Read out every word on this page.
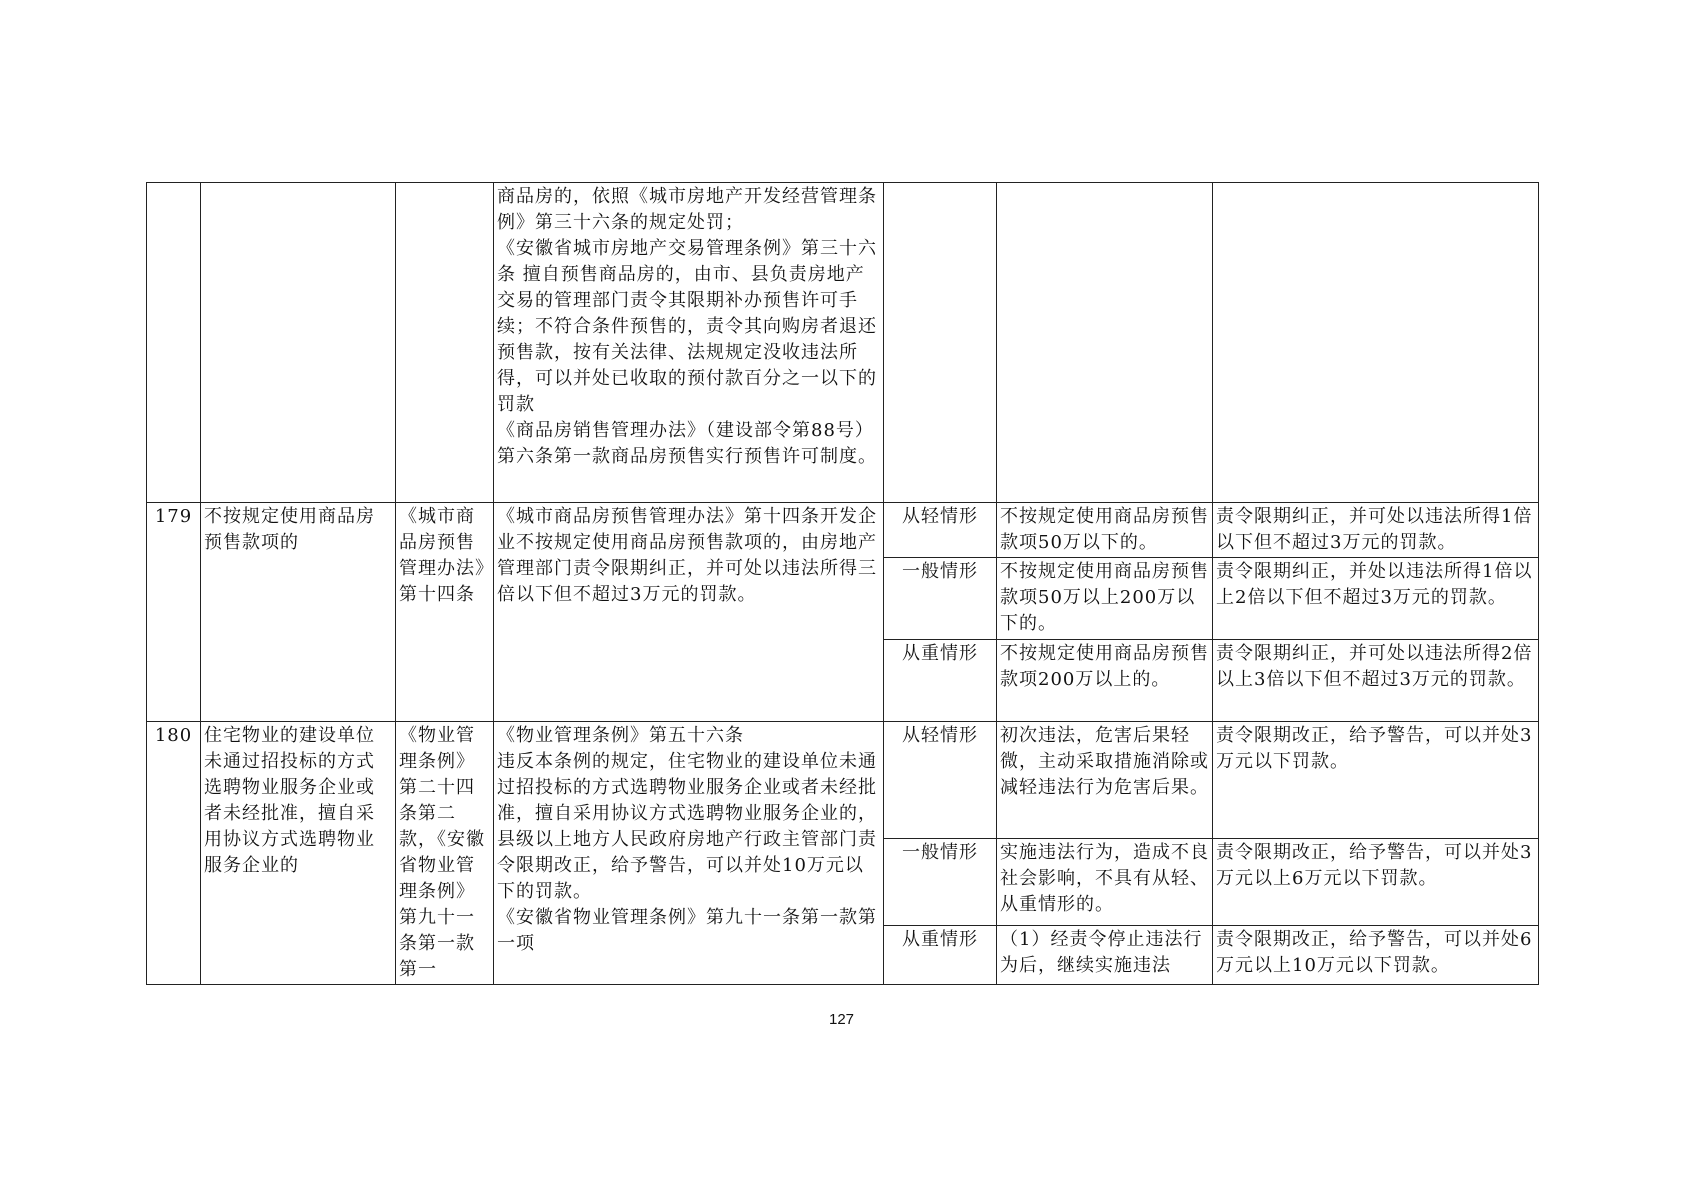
			商品房的，依照《城市房地产开发经营管理条例》第三十六条的规定处罚；
《安徽省城市房地产交易管理条例》第三十六条 擅自预售商品房的，由市、县负责房地产交易的管理部门责令其限期补办预售许可手续；不符合条件预售的，责令其向购房者退还预售款，按有关法律、法规规定没收违法所得，可以并处已收取的预付款百分之一以下的罚款
《商品房销售管理办法》（建设部令第88号）第六条第一款商品房预售实行预售许可制度。			
179	不按规定使用商品房预售款项的	《城市商品房预售管理办法》第十四条	《城市商品房预售管理办法》第十四条开发企业不按规定使用商品房预售款项的，由房地产管理部门责令限期纠正，并可处以违法所得三倍以下但不超过3万元的罚款。	从轻情形	不按规定使用商品房预售款项50万以下的。	责令限期纠正，并可处以违法所得1倍以下但不超过3万元的罚款。
				一般情形	不按规定使用商品房预售款项50万以上200万以下的。	责令限期纠正，并处以违法所得1倍以上2倍以下但不超过3万元的罚款。
				从重情形	不按规定使用商品房预售款项200万以上的。	责令限期纠正，并可处以违法所得2倍以上3倍以下但不超过3万元的罚款。
180	住宅物业的建设单位未通过招投标的方式选聘物业服务企业或者未经批准，擅自采用协议方式选聘物业服务企业的	《物业管理条例》第二十四条第二款，《安徽省物业管理条例》第九十一条第一款第一	《物业管理条例》第五十六条
违反本条例的规定，住宅物业的建设单位未通过招投标的方式选聘物业服务企业或者未经批准，擅自采用协议方式选聘物业服务企业的，县级以上地方人民政府房地产行政主管部门责令限期改正，给予警告，可以并处10万元以下的罚款。
《安徽省物业管理条例》第九十一条第一款第一项	从轻情形	初次违法，危害后果轻微，主动采取措施消除或减轻违法行为危害后果。	责令限期改正，给予警告，可以并处3万元以下罚款。
				一般情形	实施违法行为，造成不良社会影响，不具有从轻、从重情形的。	责令限期改正，给予警告，可以并处3万元以上6万元以下罚款。
				从重情形	（1）经责令停止违法行为后，继续实施违法	责令限期改正，给予警告，可以并处6万元以上10万元以下罚款。
127
